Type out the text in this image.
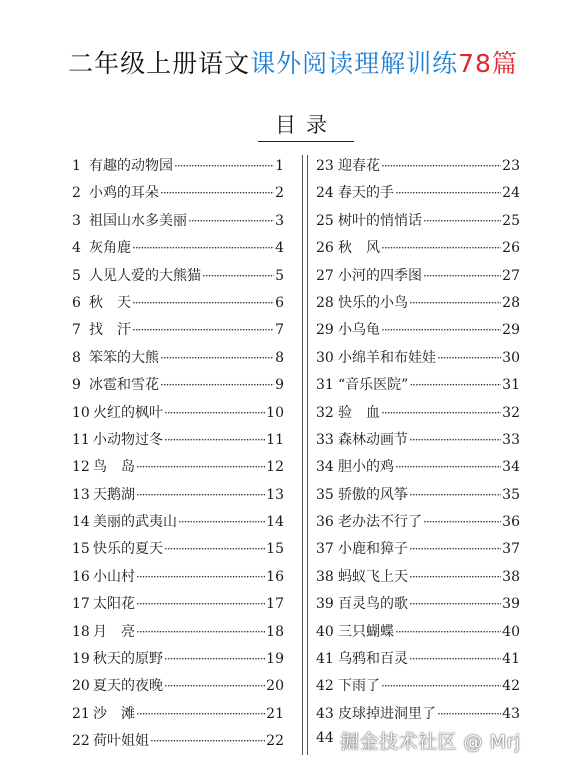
二年级上册语文课外阅读理解训练78篇
目录
1 有趣的动物园 ·····	1
2 小鸡的耳朵 ·····	2
3 祖国山水多美丽 ·····	3
4 灰角鹿 ·····	4
5 人见人爱的大熊猫 ·····	5
6 秋　天 ·····	6
7 找　汗 ·····	7
8 笨笨的大熊 ·····	8
9 冰雹和雪花 ·····	9
10 火红的枫叶 ·····	10
11 小动物过冬 ·····	11
12 鸟　岛 ·····	12
13 天鹅湖 ·····	13
14 美丽的武夷山 ·····	14
15 快乐的夏天 ·····	15
16 小山村 ·····	16
17 太阳花 ·····	17
18 月　亮 ·····	18
19 秋天的原野 ·····	19
20 夏天的夜晚 ·····	20
21 沙　滩 ·····	21
22 荷叶姐姐 ·····	22
23 迎春花 ·····	23
24 春天的手 ·····	24
25 树叶的悄悄话 ·····	25
26 秋　风 ·····	26
27 小河的四季图 ·····	27
28 快乐的小鸟 ·····	28
29 小乌龟 ·····	29
30 小绵羊和布娃娃 ·····	30
31 “音乐医院” ·····	31
32 验　血 ·····	32
33 森林动画节 ·····	33
34 胆小的鸡 ·····	34
35 骄傲的风筝 ·····	35
36 老办法不行了 ·····	36
37 小鹿和獐子 ·····	37
38 蚂蚁飞上天 ·····	38
39 百灵鸟的歌 ·····	39
40 三只蝴蝶 ·····	40
41 乌鸦和百灵 ·····	41
42 下雨了 ·····	42
43 皮球掉进洞里了 ·····	43
44 掘金技术社区 @ Mrj
